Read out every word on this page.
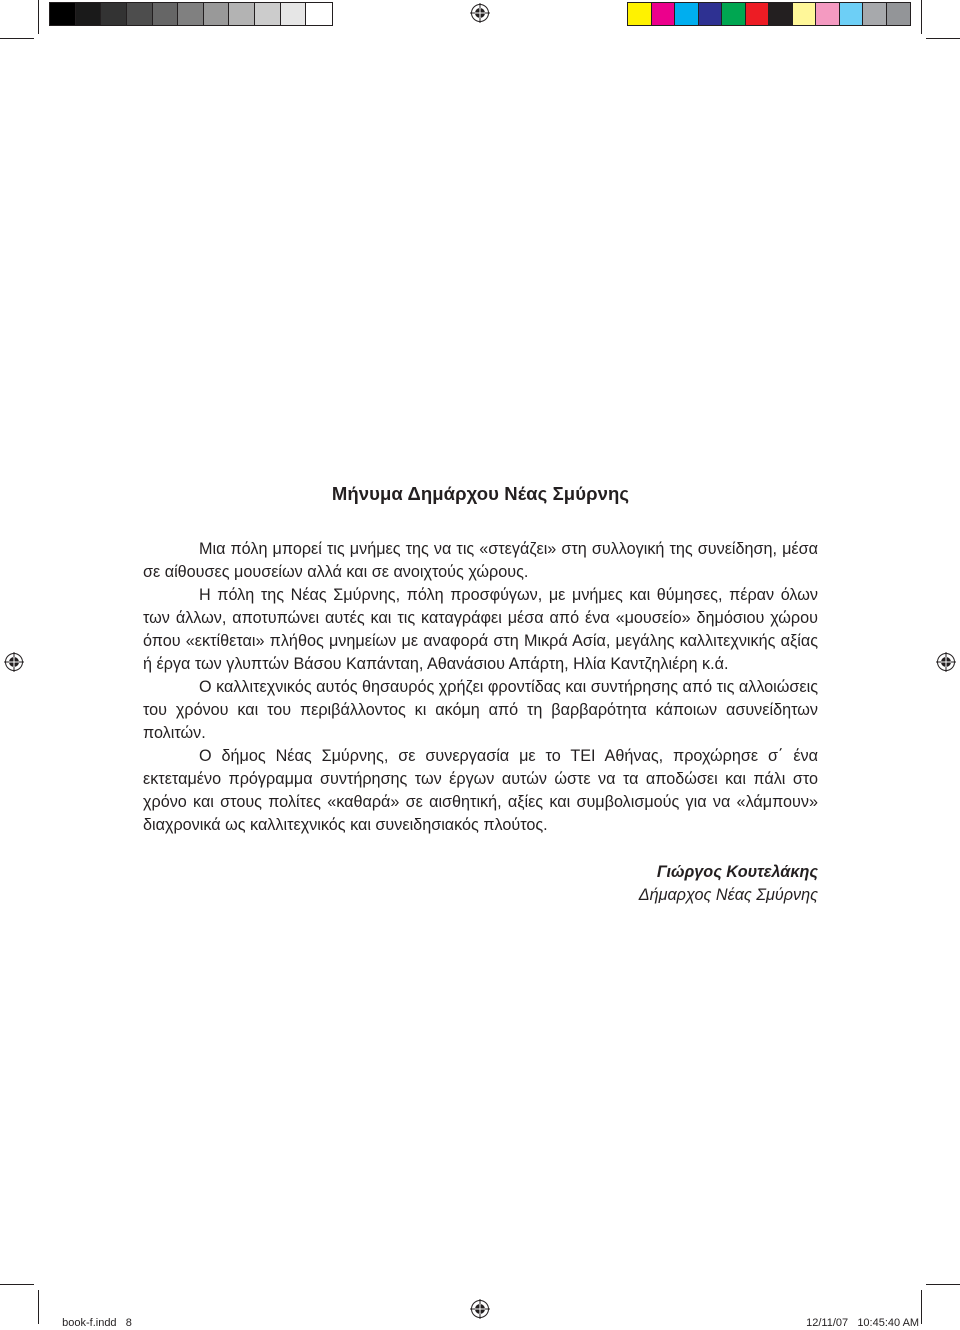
Μήνυμα Δημάρχου Νέας Σμύρνης

Μια πόλη μπορεί τις μνήμες της να τις «στεγάζει» στη συλλογική της συνείδηση, μέσα σε αίθουσες μουσείων αλλά και σε ανοιχτούς χώρους.

Η πόλη της Νέας Σμύρνης, πόλη προσφύγων, με μνήμες και θύμησες, πέραν όλων των άλλων, αποτυπώνει αυτές και τις καταγράφει μέσα από ένα «μουσείο» δημόσιου χώρου όπου «εκτίθεται» πλήθος μνημείων με αναφορά στη Μικρά Ασία, μεγάλης καλλιτεχνικής αξίας ή έργα των γλυπτών Βάσου Καπάνταη, Αθανάσιου Απάρτη, Ηλία Καντζηλιέρη κ.ά.

Ο καλλιτεχνικός αυτός θησαυρός χρήζει φροντίδας και συντήρησης από τις αλλοιώσεις του χρόνου και του περιβάλλοντος κι ακόμη από τη βαρβαρότητα κάποιων ασυνείδητων πολιτών.

Ο δήμος Νέας Σμύρνης, σε συνεργασία με το ΤΕΙ Αθήνας, προχώρησε σ΄ ένα εκτεταμένο πρόγραμμα συντήρησης των έργων αυτών ώστε να τα αποδώσει και πάλι στο χρόνο και στους πολίτες «καθαρά» σε αισθητική, αξίες και συμβολισμούς για να «λάμπουν» διαχρονικά ως καλλιτεχνικός και συνειδησιακός πλούτος.

Γιώργος Κουτελάκης
Δήμαρχος Νέας Σμύρνης

book-f.indd 8	12/11/07 10:45:40 AM
